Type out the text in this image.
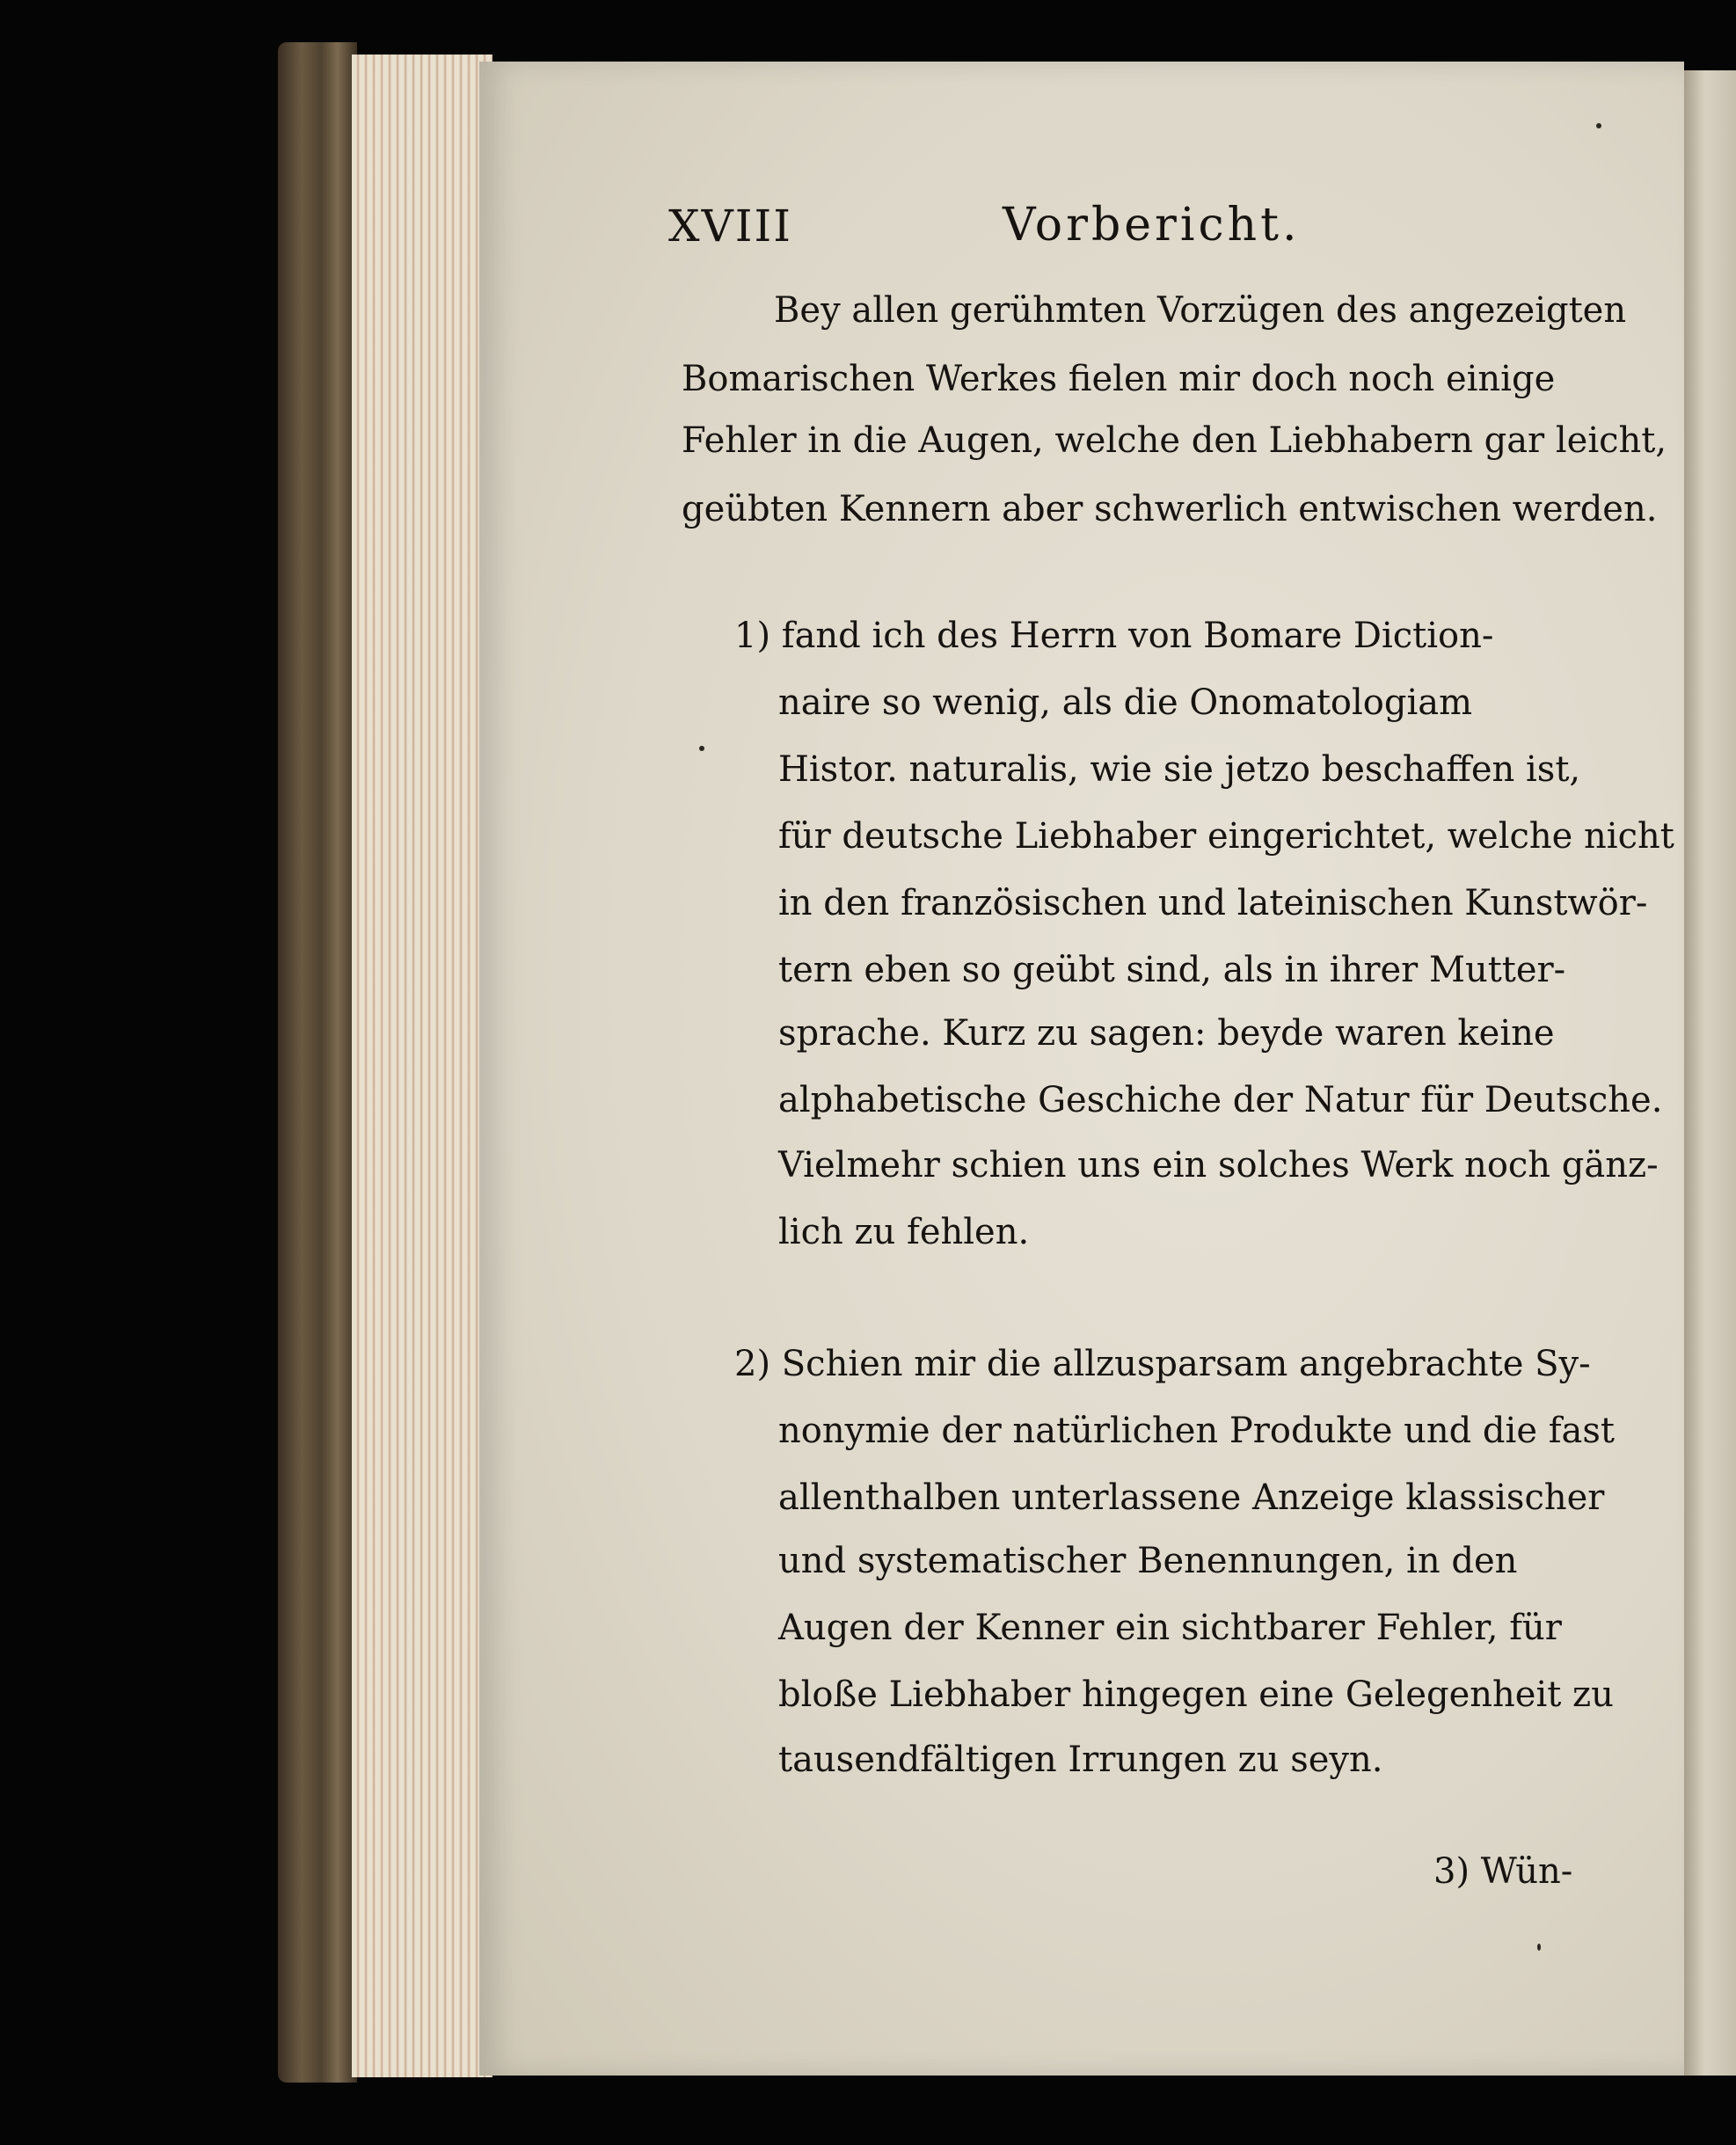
XVIII	Vorbericht.
Bey allen gerühmten Vorzügen des angezeigten
Bomarischen Werkes fielen mir doch noch einige
Fehler in die Augen, welche den Liebhabern gar leicht,
geübten Kennern aber schwerlich entwischen werden.
1) fand ich des Herrn von Bomare Diction-
naire so wenig, als die Onomatologiam
Histor. naturalis, wie sie jetzo beschaffen ist,
für deutsche Liebhaber eingerichtet, welche nicht
in den französischen und lateinischen Kunstwör-
tern eben so geübt sind, als in ihrer Mutter-
sprache. Kurz zu sagen: beyde waren keine
alphabetische Geschiche der Natur für Deutsche.
Vielmehr schien uns ein solches Werk noch gänz-
lich zu fehlen.
2) Schien mir die allzusparsam angebrachte Sy-
nonymie der natürlichen Produkte und die fast
allenthalben unterlassene Anzeige klassischer
und systematischer Benennungen, in den
Augen der Kenner ein sichtbarer Fehler, für
bloße Liebhaber hingegen eine Gelegenheit zu
tausendfältigen Irrungen zu seyn.
3) Wün-
